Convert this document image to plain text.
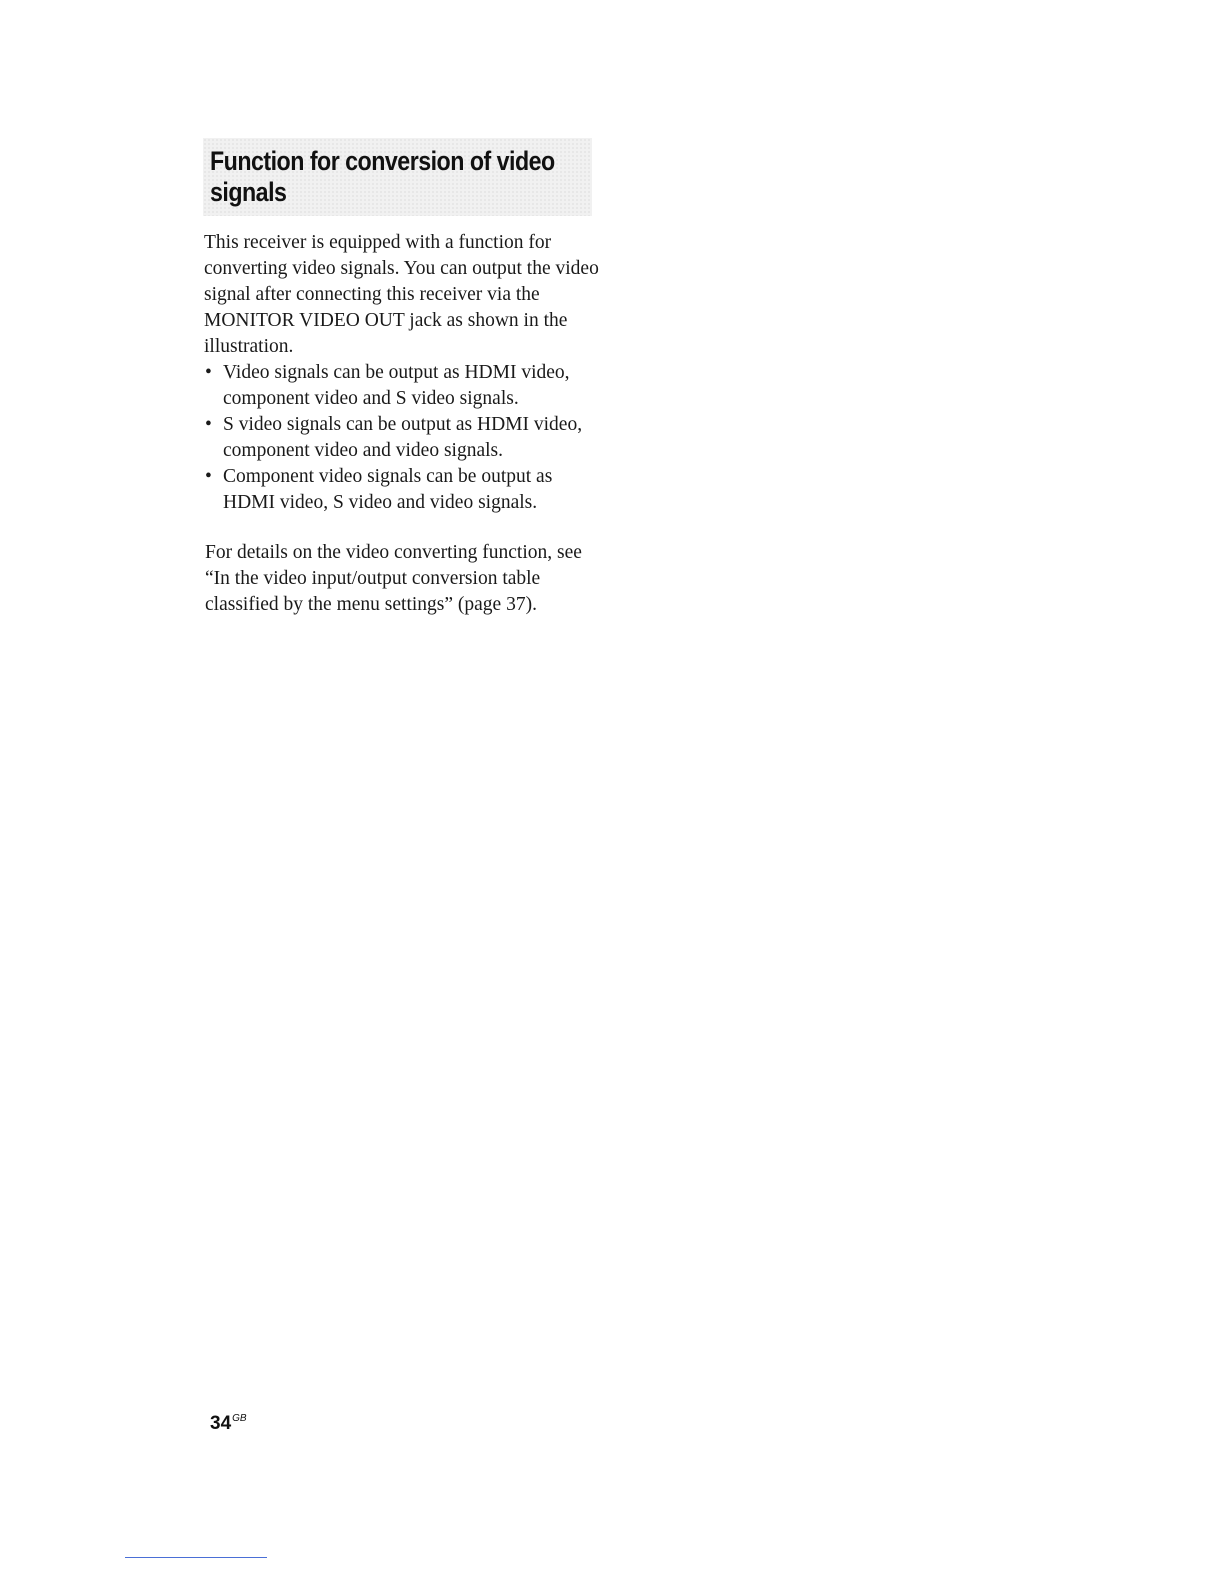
Function for conversion of video signals

This receiver is equipped with a function for converting video signals. You can output the video signal after connecting this receiver via the MONITOR VIDEO OUT jack as shown in the illustration.

• Video signals can be output as HDMI video, component video and S video signals.
• S video signals can be output as HDMI video, component video and video signals.
• Component video signals can be output as HDMI video, S video and video signals.

For details on the video converting function, see “In the video input/output conversion table classified by the menu settings” (page 37).

$34^{GB}$
